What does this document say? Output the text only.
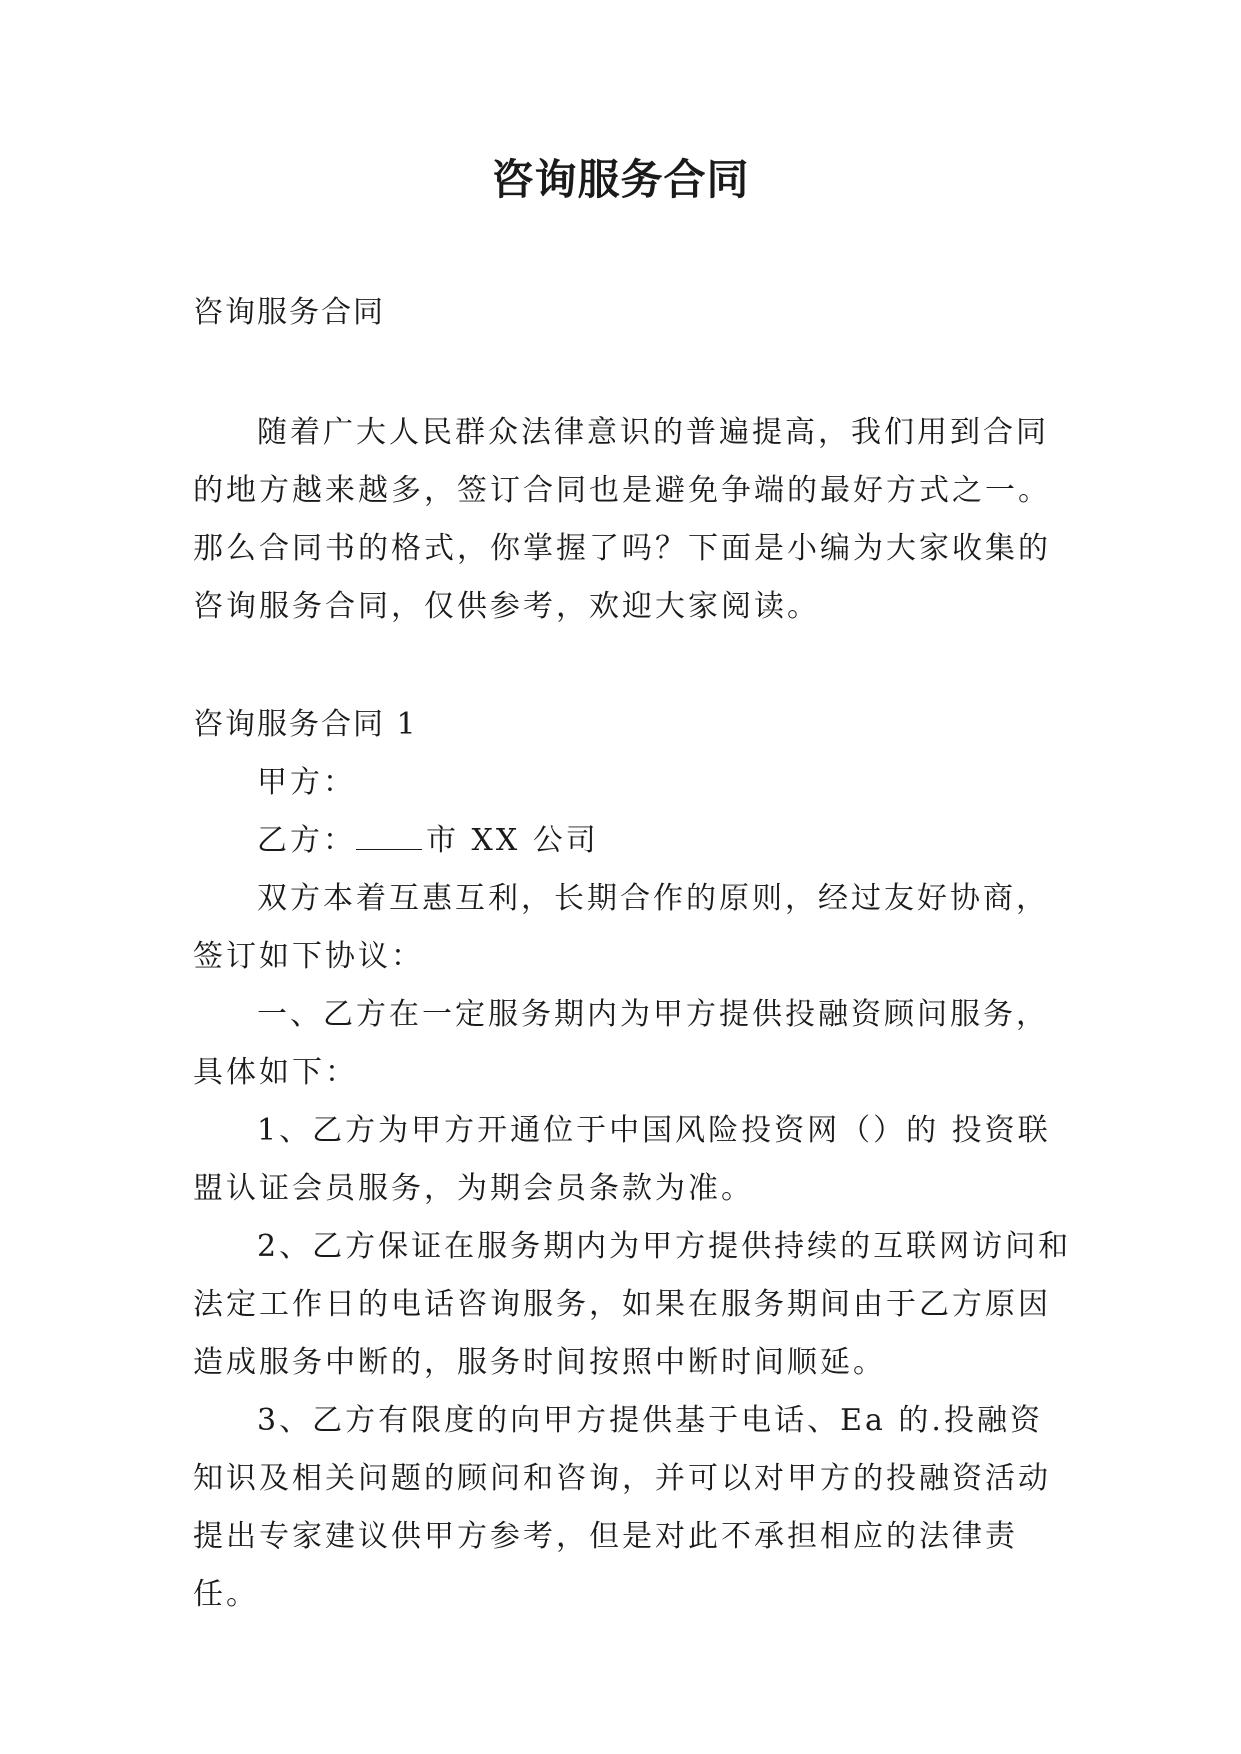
咨询服务合同
咨询服务合同

随着广大人民群众法律意识的普遍提高，我们用到合同的地方越来越多，签订合同也是避免争端的最好方式之一。那么合同书的格式，你掌握了吗？下面是小编为大家收集的咨询服务合同，仅供参考，欢迎大家阅读。

咨询服务合同 1

甲方：

乙方： 市 XX 公司

双方本着互惠互利，长期合作的原则，经过友好协商，签订如下协议：

一、乙方在一定服务期内为甲方提供投融资顾问服务，具体如下：

1、乙方为甲方开通位于中国风险投资网（）的 投资联盟认证会员服务，为期会员条款为准。

2、乙方保证在服务期内为甲方提供持续的互联网访问和法定工作日的电话咨询服务，如果在服务期间由于乙方原因造成服务中断的，服务时间按照中断时间顺延。

3、乙方有限度的向甲方提供基于电话、Ea 的.投融资知识及相关问题的顾问和咨询，并可以对甲方的投融资活动提出专家建议供甲方参考，但是对此不承担相应的法律责任。
